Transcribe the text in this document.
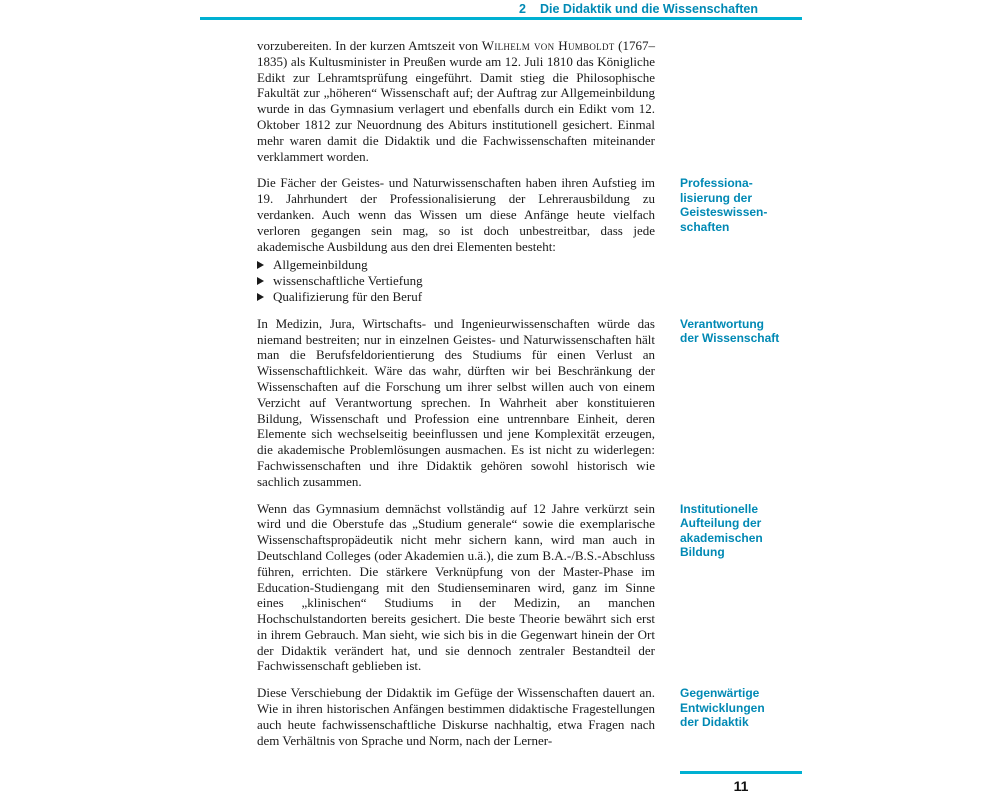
2 Die Didaktik und die Wissenschaften

vorzubereiten. In der kurzen Amtszeit von Wilhelm von Humboldt (1767–1835) als Kultusminister in Preußen wurde am 12. Juli 1810 das Königliche Edikt zur Lehramtsprüfung eingeführt. Damit stieg die Philosophische Fakultät zur „höheren“ Wissenschaft auf; der Auftrag zur Allgemeinbildung wurde in das Gymnasium verlagert und ebenfalls durch ein Edikt vom 12. Oktober 1812 zur Neuordnung des Abiturs institutionell gesichert. Einmal mehr waren damit die Didaktik und die Fachwissenschaften miteinander verklammert worden.

Die Fächer der Geistes- und Naturwissenschaften haben ihren Aufstieg im 19. Jahrhundert der Professionalisierung der Lehrerausbildung zu verdanken. Auch wenn das Wissen um diese Anfänge heute vielfach verloren gegangen sein mag, so ist doch unbestreitbar, dass jede akademische Ausbildung aus den drei Elementen besteht:

Allgemeinbildung
wissenschaftliche Vertiefung
Qualifizierung für den Beruf
Professiona-
lisierung der
Geisteswissen-
schaften

In Medizin, Jura, Wirtschafts- und Ingenieurwissenschaften würde das niemand bestreiten; nur in einzelnen Geistes- und Naturwissenschaften hält man die Berufsfeldorientierung des Studiums für einen Verlust an Wissenschaftlichkeit. Wäre das wahr, dürften wir bei Beschränkung der Wissenschaften auf die Forschung um ihrer selbst willen auch von einem Verzicht auf Verantwortung sprechen. In Wahrheit aber konstituieren Bildung, Wissenschaft und Profession eine untrennbare Einheit, deren Elemente sich wechselseitig beeinflussen und jene Komplexität erzeugen, die akademische Problemlösungen ausmachen. Es ist nicht zu widerlegen: Fachwissenschaften und ihre Didaktik gehören sowohl historisch wie sachlich zusammen.

Verantwortung
der Wissenschaft

Wenn das Gymnasium demnächst vollständig auf 12 Jahre verkürzt sein wird und die Oberstufe das „Studium generale“ sowie die exemplarische Wissenschaftspropädeutik nicht mehr sichern kann, wird man auch in Deutschland Colleges (oder Akademien u.ä.), die zum B.A.-/B.S.-Abschluss führen, errichten. Die stärkere Verknüpfung von der Master-Phase im Education-Studiengang mit den Studienseminaren wird, ganz im Sinne eines „klinischen“ Studiums in der Medizin, an manchen Hochschulstandorten bereits gesichert. Die beste Theorie bewährt sich erst in ihrem Gebrauch. Man sieht, wie sich bis in die Gegenwart hinein der Ort der Didaktik verändert hat, und sie dennoch zentraler Bestandteil der Fachwissenschaft geblieben ist.

Institutionelle
Aufteilung der
akademischen
Bildung

Diese Verschiebung der Didaktik im Gefüge der Wissenschaften dauert an. Wie in ihren historischen Anfängen bestimmen didaktische Fragestellungen auch heute fachwissenschaftliche Diskurse nachhaltig, etwa Fragen nach dem Verhältnis von Sprache und Norm, nach der Lerner-

Gegenwärtige
Entwicklungen
der Didaktik
11
